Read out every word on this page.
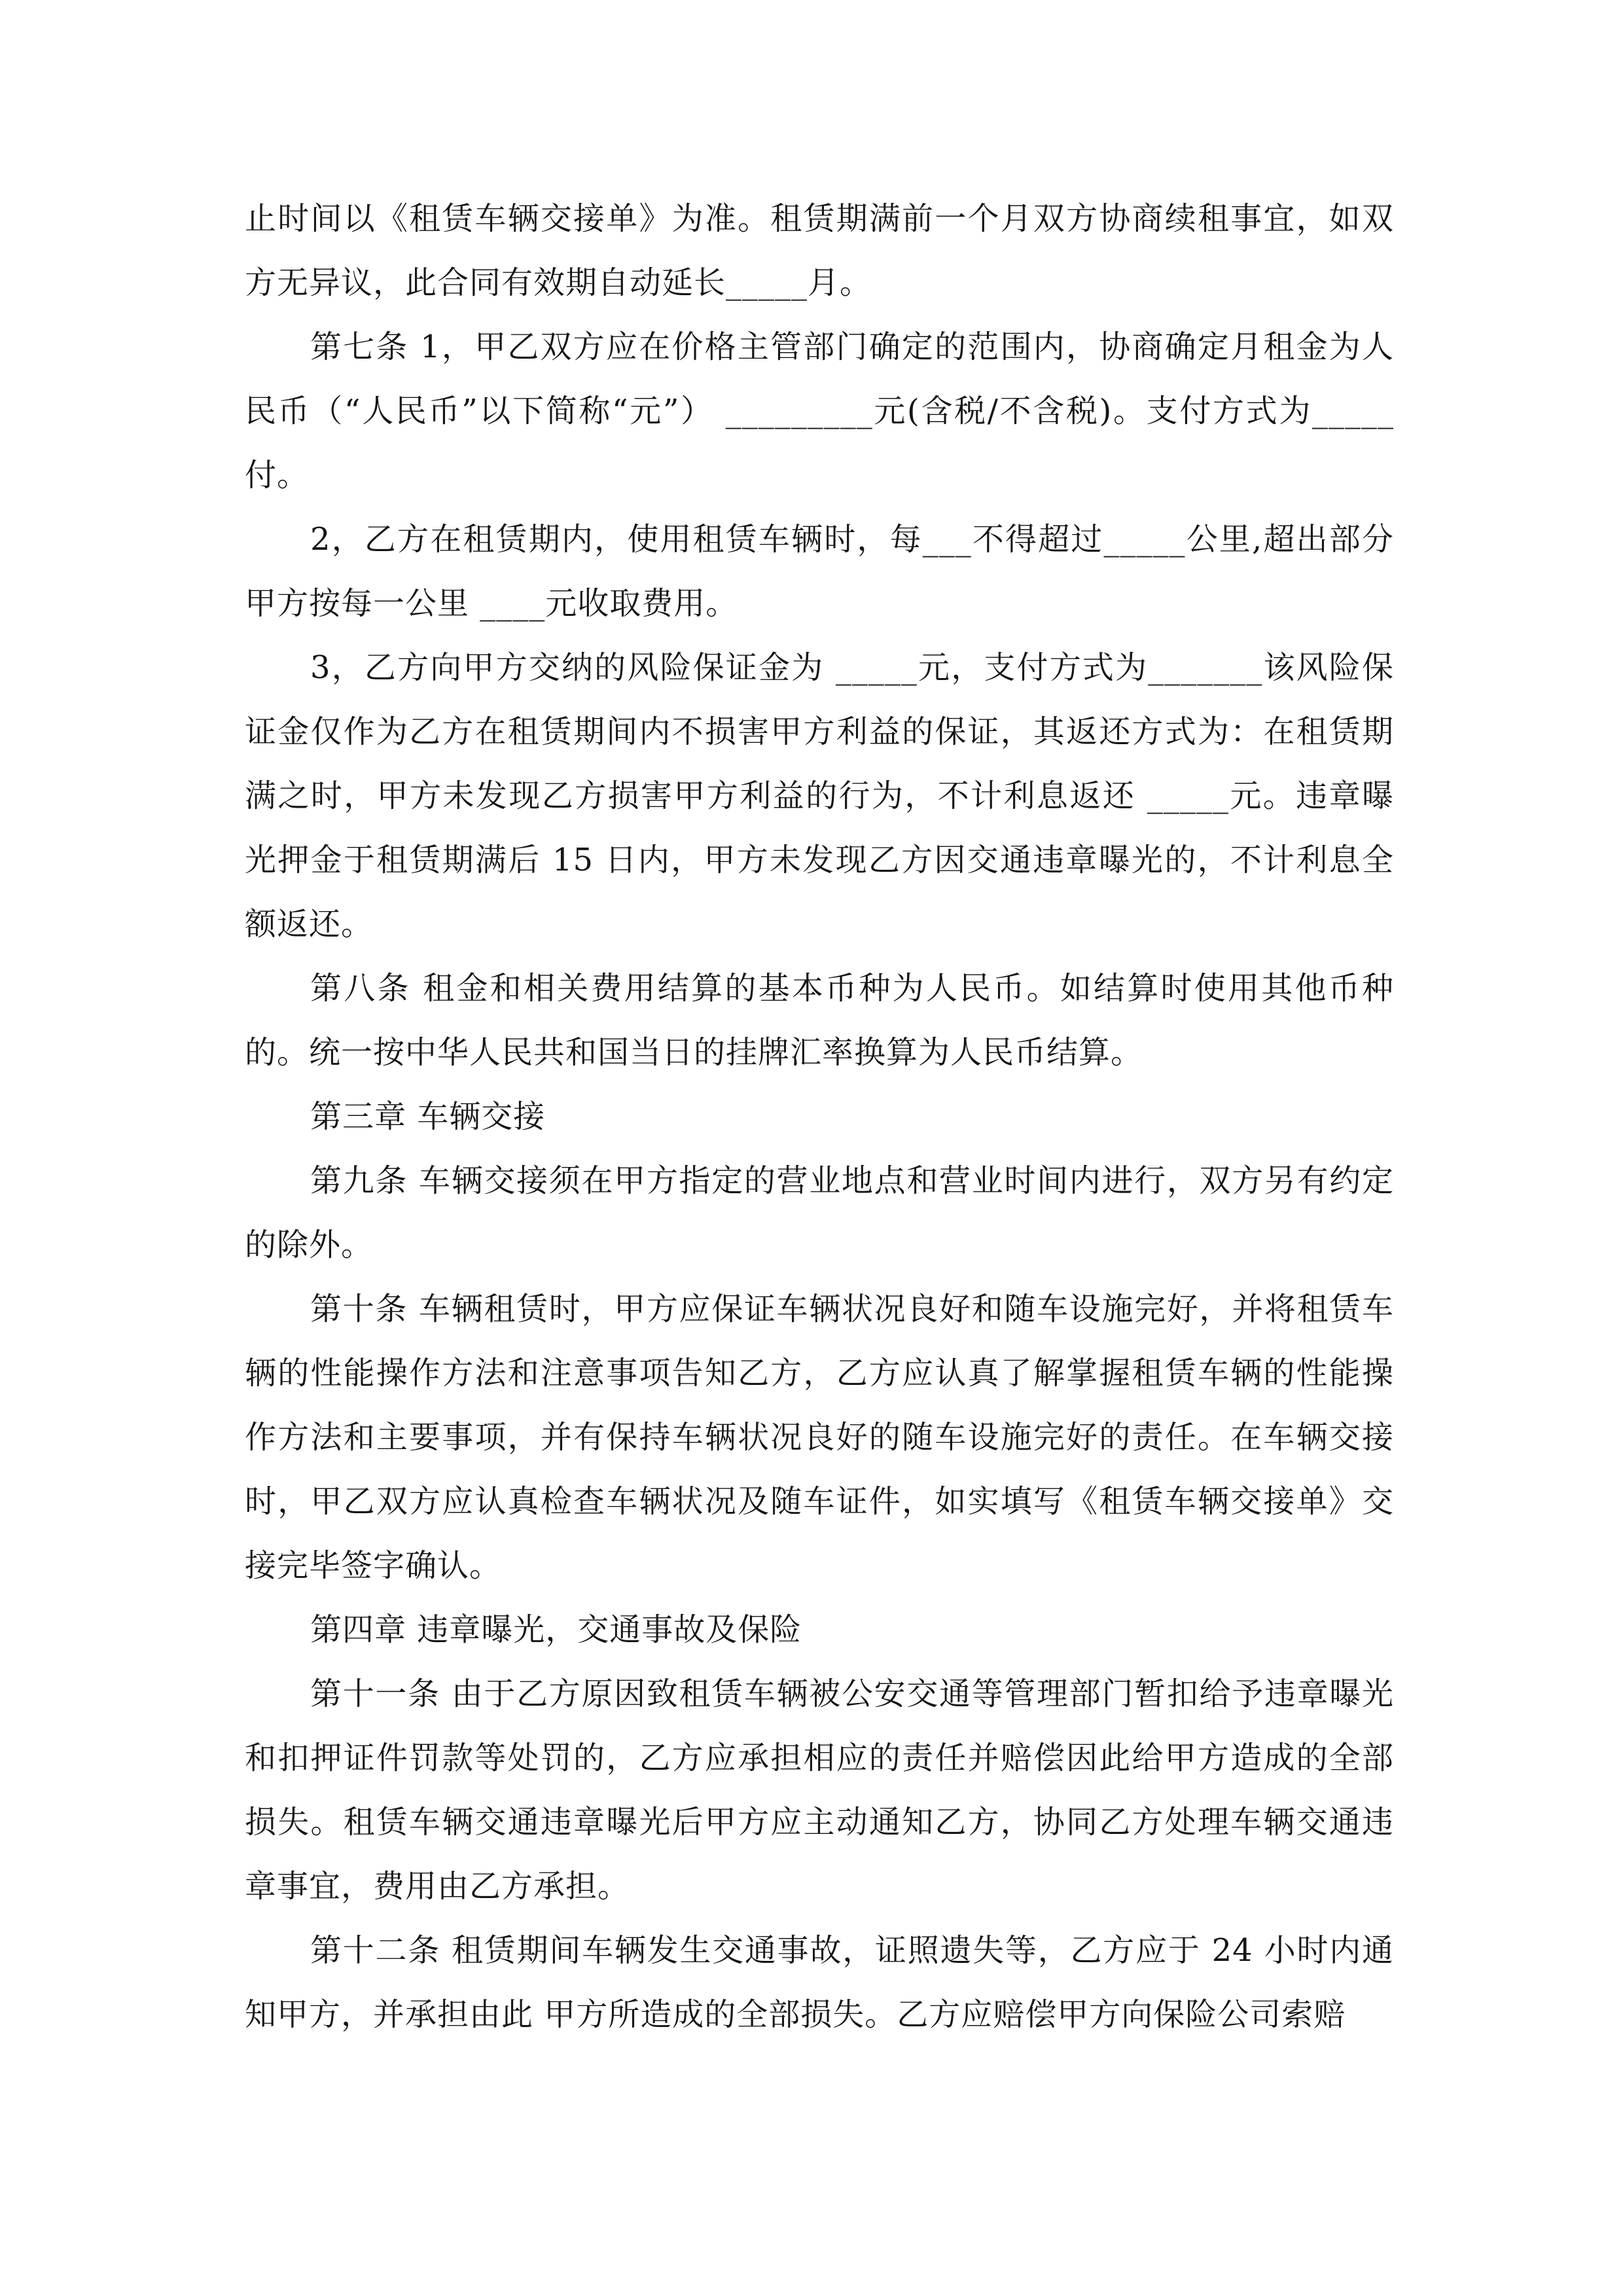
止时间以《租赁车辆交接单》为准。租赁期满前一个月双方协商续租事宜，如双方无异议，此合同有效期自动延长_____月。

第七条 1，甲乙双方应在价格主管部门确定的范围内，协商确定月租金为人民币（“人民币”以下简称“元”） _________元(含税/不含税)。支付方式为_____付。

2，乙方在租赁期内，使用租赁车辆时，每___不得超过_____公里,超出部分甲方按每一公里 ____元收取费用。

3，乙方向甲方交纳的风险保证金为 _____元，支付方式为_______该风险保证金仅作为乙方在租赁期间内不损害甲方利益的保证，其返还方式为：在租赁期满之时，甲方未发现乙方损害甲方利益的行为，不计利息返还 _____元。违章曝光押金于租赁期满后 15 日内，甲方未发现乙方因交通违章曝光的，不计利息全额返还。

第八条 租金和相关费用结算的基本币种为人民币。如结算时使用其他币种的。统一按中华人民共和国当日的挂牌汇率换算为人民币结算。

第三章 车辆交接

第九条 车辆交接须在甲方指定的营业地点和营业时间内进行，双方另有约定的除外。

第十条 车辆租赁时，甲方应保证车辆状况良好和随车设施完好，并将租赁车辆的性能操作方法和注意事项告知乙方，乙方应认真了解掌握租赁车辆的性能操作方法和主要事项，并有保持车辆状况良好的随车设施完好的责任。在车辆交接时，甲乙双方应认真检查车辆状况及随车证件，如实填写《租赁车辆交接单》交接完毕签字确认。

第四章 违章曝光，交通事故及保险

第十一条 由于乙方原因致租赁车辆被公安交通等管理部门暂扣给予违章曝光和扣押证件罚款等处罚的，乙方应承担相应的责任并赔偿因此给甲方造成的全部损失。租赁车辆交通违章曝光后甲方应主动通知乙方，协同乙方处理车辆交通违章事宜，费用由乙方承担。

第十二条 租赁期间车辆发生交通事故，证照遗失等，乙方应于 24 小时内通知甲方，并承担由此 甲方所造成的全部损失。乙方应赔偿甲方向保险公司索赔
